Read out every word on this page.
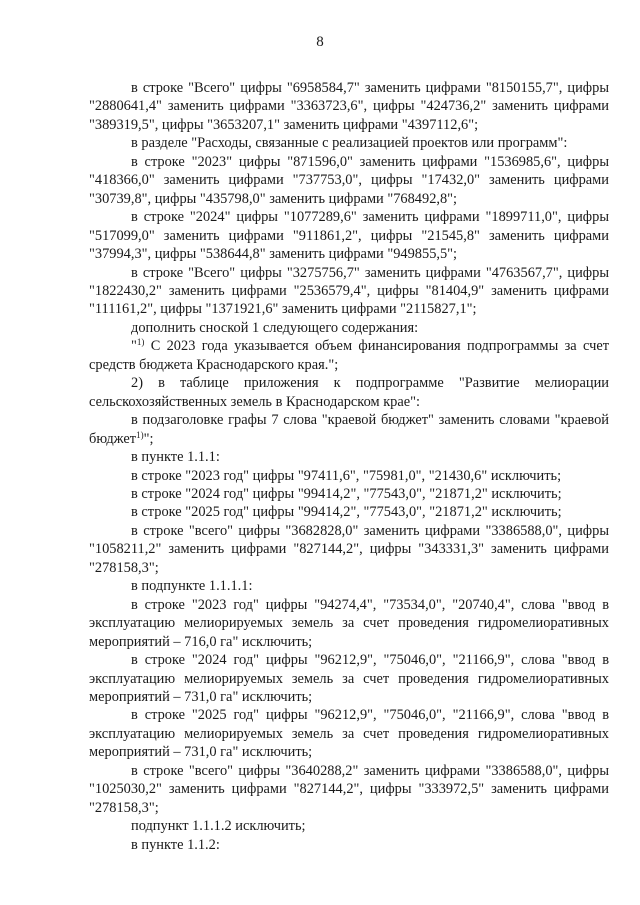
8

в строке "Всего" цифры "6958584,7" заменить цифрами "8150155,7", цифры "2880641,4" заменить цифрами "3363723,6", цифры "424736,2" заменить цифрами "389319,5", цифры "3653207,1" заменить цифрами "4397112,6";

в разделе "Расходы, связанные с реализацией проектов или программ":

в строке "2023" цифры "871596,0" заменить цифрами "1536985,6", цифры "418366,0" заменить цифрами "737753,0", цифры "17432,0" заменить цифрами "30739,8", цифры "435798,0" заменить цифрами "768492,8";

в строке "2024" цифры "1077289,6" заменить цифрами "1899711,0", цифры "517099,0" заменить цифрами "911861,2", цифры "21545,8" заменить цифрами "37994,3", цифры "538644,8" заменить цифрами "949855,5";

в строке "Всего" цифры "3275756,7" заменить цифрами "4763567,7", цифры "1822430,2" заменить цифрами "2536579,4", цифры "81404,9" заменить цифрами "111161,2", цифры "1371921,6" заменить цифрами "2115827,1";

дополнить сноской 1 следующего содержания:

"$^{1)}$ С 2023 года указывается объем финансирования подпрограммы за счет средств бюджета Краснодарского края.";

2) в таблице приложения к подпрограмме "Развитие мелиорации сельскохозяйственных земель в Краснодарском крае":

в подзаголовке графы 7 слова "краевой бюджет" заменить словами "краевой бюджет$^{1)}$";

в пункте 1.1.1:

в строке "2023 год" цифры "97411,6", "75981,0", "21430,6" исключить;

в строке "2024 год" цифры "99414,2", "77543,0", "21871,2" исключить;

в строке "2025 год" цифры "99414,2", "77543,0", "21871,2" исключить;

в строке "всего" цифры "3682828,0" заменить цифрами "3386588,0", цифры "1058211,2" заменить цифрами "827144,2", цифры "343331,3" заменить цифрами "278158,3";

в подпункте 1.1.1.1:

в строке "2023 год" цифры "94274,4", "73534,0", "20740,4", слова "ввод в эксплуатацию мелиорируемых земель за счет проведения гидромелиоративных мероприятий – 716,0 га" исключить;

в строке "2024 год" цифры "96212,9", "75046,0", "21166,9", слова "ввод в эксплуатацию мелиорируемых земель за счет проведения гидромелиоративных мероприятий – 731,0 га" исключить;

в строке "2025 год" цифры "96212,9", "75046,0", "21166,9", слова "ввод в эксплуатацию мелиорируемых земель за счет проведения гидромелиоративных мероприятий – 731,0 га" исключить;

в строке "всего" цифры "3640288,2" заменить цифрами "3386588,0", цифры "1025030,2" заменить цифрами "827144,2", цифры "333972,5" заменить цифрами "278158,3";

подпункт 1.1.1.2 исключить;

в пункте 1.1.2:
